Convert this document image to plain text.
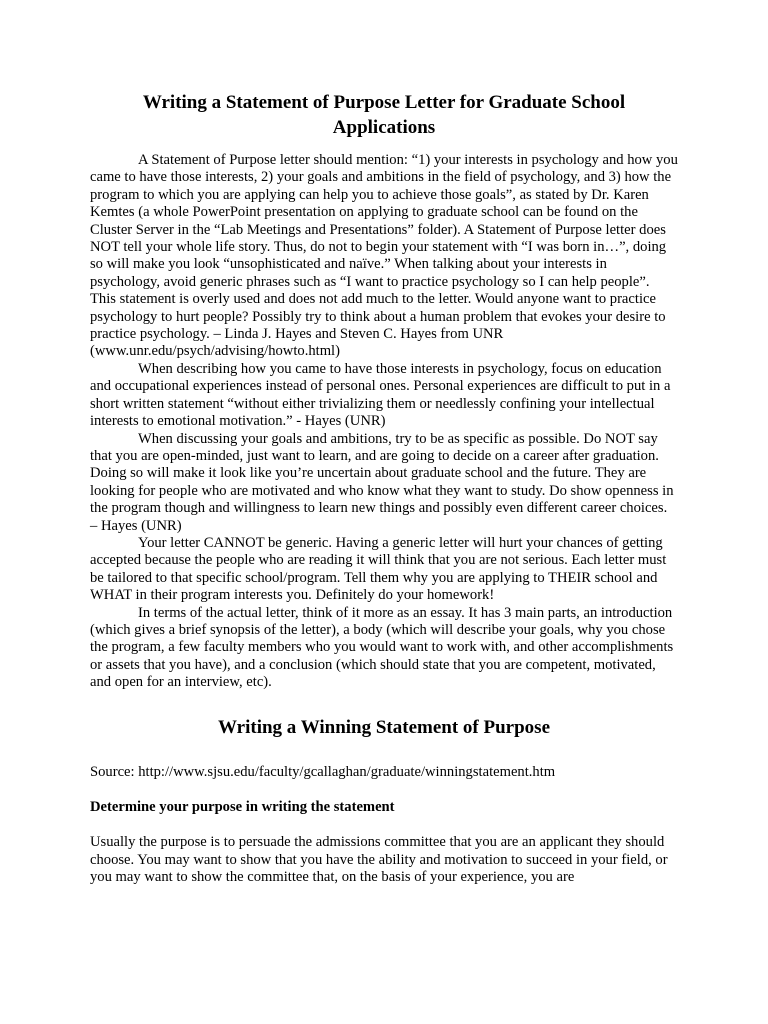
Writing a Statement of Purpose Letter for Graduate School Applications

A Statement of Purpose letter should mention: “1) your interests in psychology and how you came to have those interests, 2) your goals and ambitions in the field of psychology, and 3) how the program to which you are applying can help you to achieve those goals”, as stated by Dr. Karen Kemtes (a whole PowerPoint presentation on applying to graduate school can be found on the Cluster Server in the “Lab Meetings and Presentations” folder). A Statement of Purpose letter does NOT tell your whole life story. Thus, do not to begin your statement with “I was born in…”, doing so will make you look “unsophisticated and naïve.” When talking about your interests in psychology, avoid generic phrases such as “I want to practice psychology so I can help people”. This statement is overly used and does not add much to the letter. Would anyone want to practice psychology to hurt people? Possibly try to think about a human problem that evokes your desire to practice psychology. – Linda J. Hayes and Steven C. Hayes from UNR (www.unr.edu/psych/advising/howto.html)

When describing how you came to have those interests in psychology, focus on education and occupational experiences instead of personal ones. Personal experiences are difficult to put in a short written statement “without either trivializing them or needlessly confining your intellectual interests to emotional motivation.” - Hayes (UNR)

When discussing your goals and ambitions, try to be as specific as possible. Do NOT say that you are open-minded, just want to learn, and are going to decide on a career after graduation. Doing so will make it look like you’re uncertain about graduate school and the future. They are looking for people who are motivated and who know what they want to study. Do show openness in the program though and willingness to learn new things and possibly even different career choices. – Hayes (UNR)

Your letter CANNOT be generic. Having a generic letter will hurt your chances of getting accepted because the people who are reading it will think that you are not serious. Each letter must be tailored to that specific school/program. Tell them why you are applying to THEIR school and WHAT in their program interests you. Definitely do your homework!

In terms of the actual letter, think of it more as an essay. It has 3 main parts, an introduction (which gives a brief synopsis of the letter), a body (which will describe your goals, why you chose the program, a few faculty members who you would want to work with, and other accomplishments or assets that you have), and a conclusion (which should state that you are competent, motivated, and open for an interview, etc).

Writing a Winning Statement of Purpose

Source: http://www.sjsu.edu/faculty/gcallaghan/graduate/winningstatement.htm

Determine your purpose in writing the statement

Usually the purpose is to persuade the admissions committee that you are an applicant they should choose. You may want to show that you have the ability and motivation to succeed in your field, or you may want to show the committee that, on the basis of your experience, you are
